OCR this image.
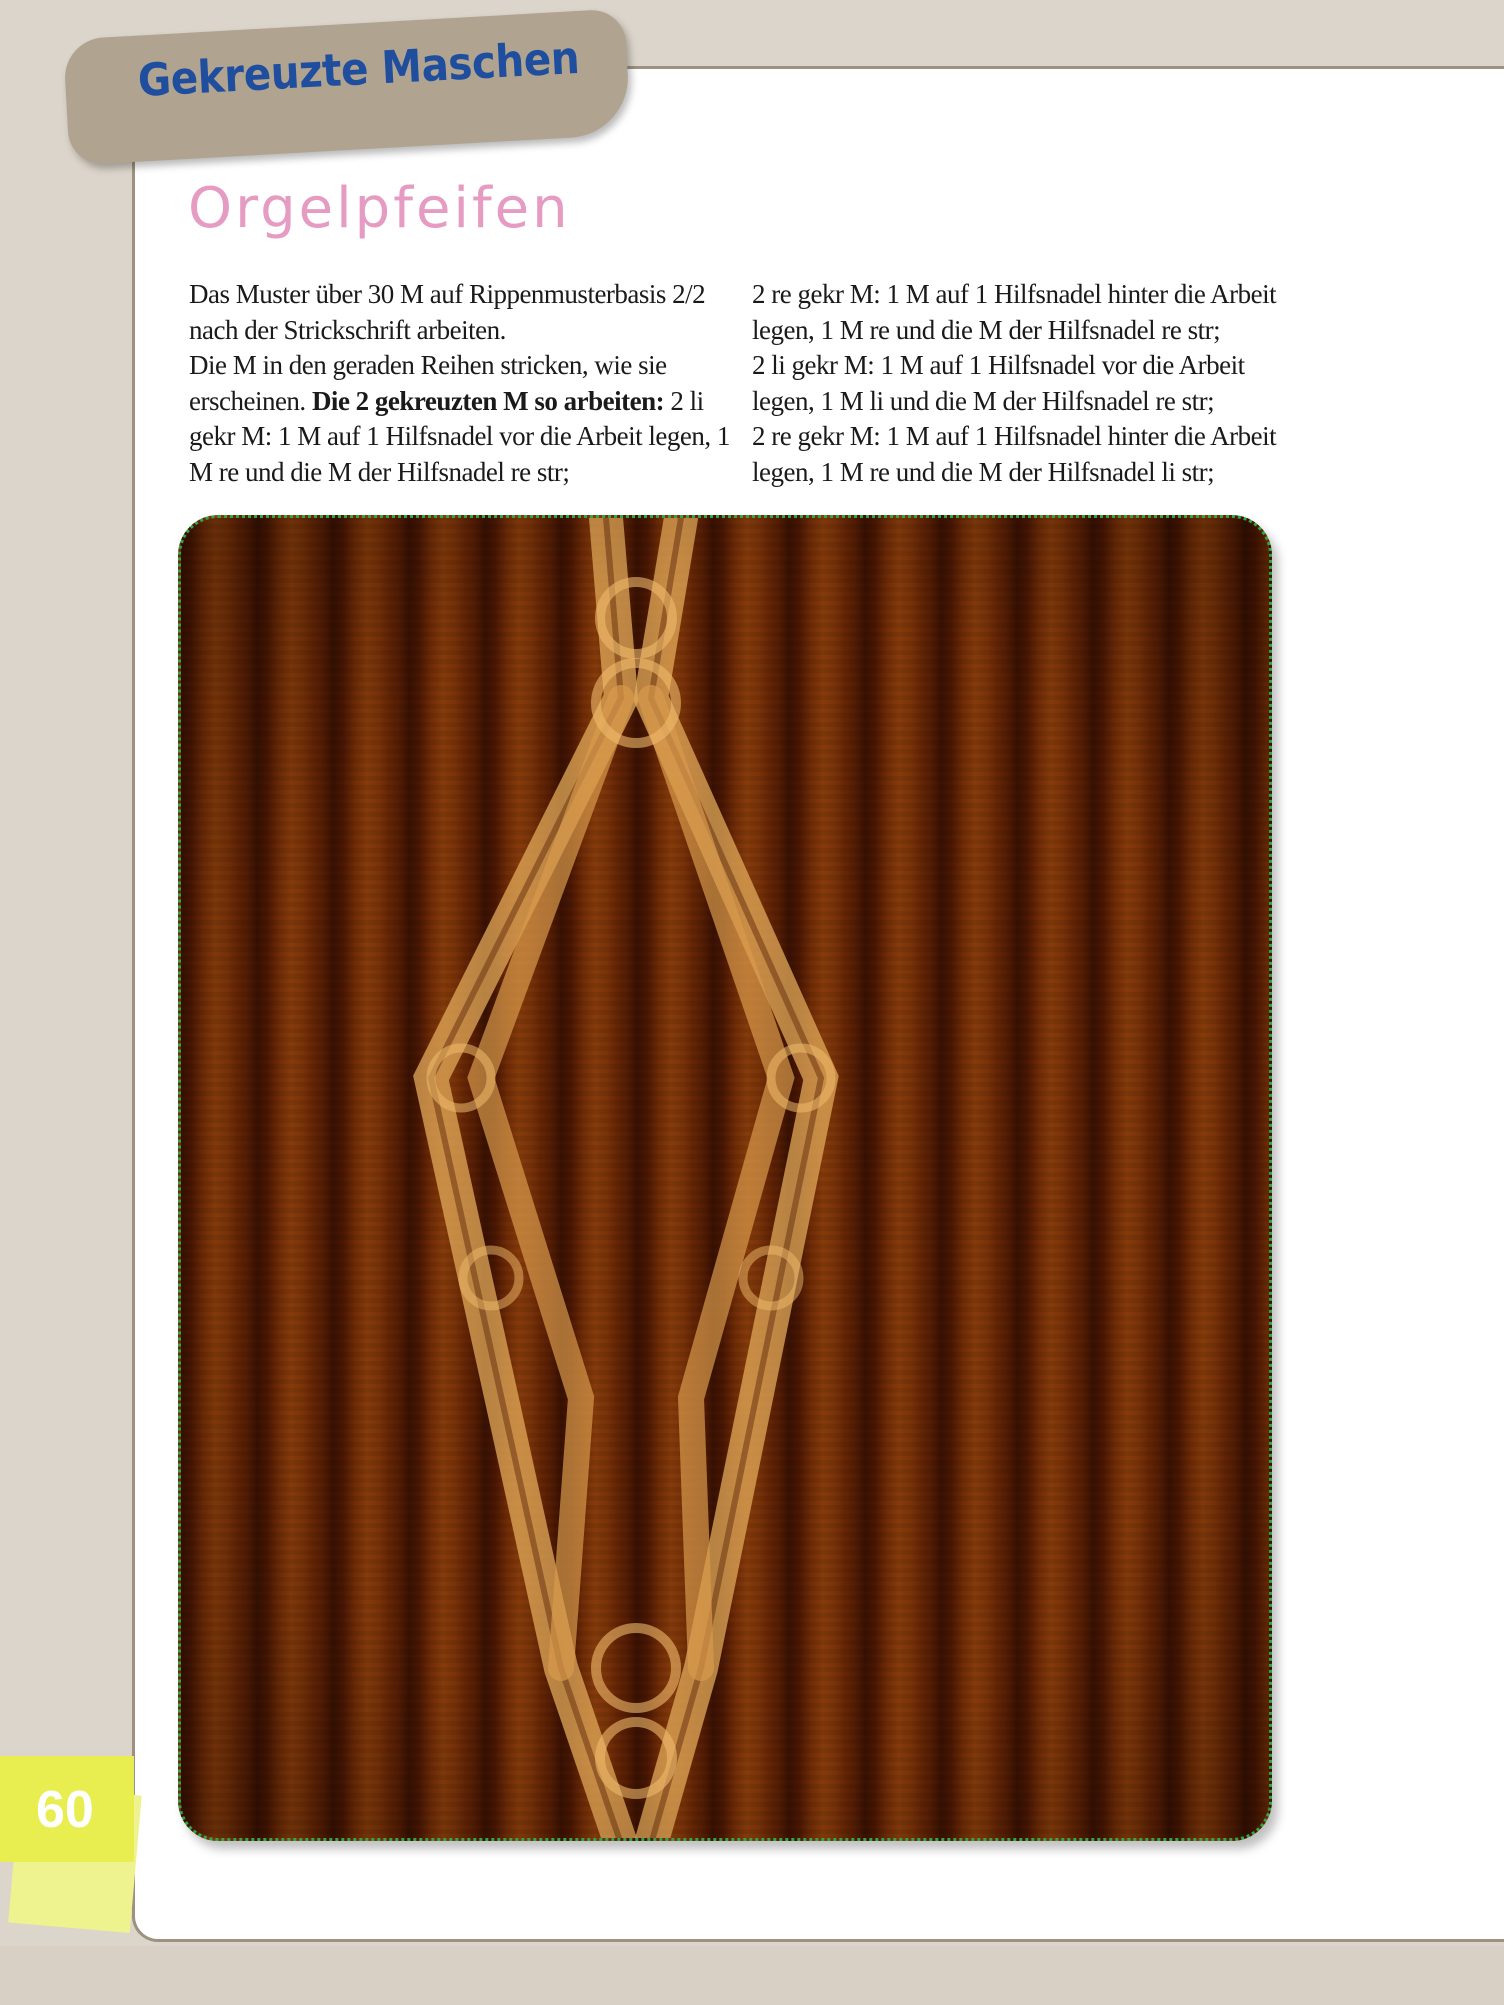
Gekreuzte Maschen
Orgelpfeifen

Das Muster über 30 M auf Rippenmusterbasis 2/2 nach der Strickschrift arbeiten.

Die M in den geraden Reihen stricken, wie sie erscheinen. Die 2 gekreuzten M so arbeiten: 2 li gekr M: 1 M auf 1 Hilfsnadel vor die Arbeit legen, 1 M re und die M der Hilfsnadel re str;

2 re gekr M: 1 M auf 1 Hilfsnadel hinter die Arbeit legen, 1 M re und die M der Hilfsnadel re str;

2 li gekr M: 1 M auf 1 Hilfsnadel vor die Arbeit legen, 1 M li und die M der Hilfsnadel re str;

2 re gekr M: 1 M auf 1 Hilfsnadel hinter die Arbeit legen, 1 M re und die M der Hilfsnadel li str;

60
